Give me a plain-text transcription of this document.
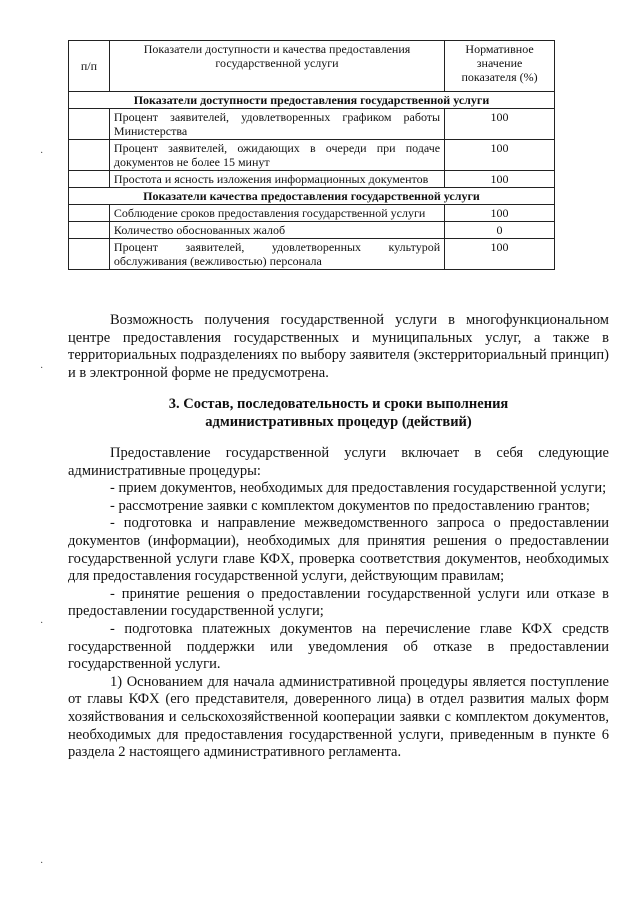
п/п	Показатели доступности и качества предоставления государственной услуги	Нормативное значение показателя (%)
Показатели доступности предоставления государственной услуги		
	Процент заявителей, удовлетворенных графиком работы Министерства	100
	Процент заявителей, ожидающих в очереди при подаче документов не более 15 минут	100
	Простота и ясность изложения информационных документов	100
Показатели качества предоставления государственной услуги		
	Соблюдение сроков предоставления государственной услуги	100
	Количество обоснованных жалоб	0
	Процент заявителей, удовлетворенных культурой обслуживания (вежливостью) персонала	100

Возможность получения государственной услуги в многофункциональном центре предоставления государственных и муниципальных услуг, а также в территориальных подразделениях по выбору заявителя (экстерриториальный принцип) и в электронной форме не предусмотрена.

3. Состав, последовательность и сроки выполнения
административных процедур (действий)

Предоставление государственной услуги включает в себя следующие административные процедуры:

- прием документов, необходимых для предоставления государственной услуги;

- рассмотрение заявки с комплектом документов по предоставлению грантов;

- подготовка и направление межведомственного запроса о предоставлении документов (информации), необходимых для принятия решения о предоставлении государственной услуги главе КФХ, проверка соответствия документов, необходимых для предоставления государственной услуги, действующим правилам;

- принятие решения о предоставлении государственной услуги или отказе в предоставлении государственной услуги;

- подготовка платежных документов на перечисление главе КФХ средств государственной поддержки или уведомления об отказе в предоставлении государственной услуги.

1) Основанием для начала административной процедуры является поступление от главы КФХ (его представителя, доверенного лица) в отдел развития малых форм хозяйствования и сельскохозяйственной кооперации заявки с комплектом документов, необходимых для предоставления государственной услуги, приведенным в пункте 6 раздела 2 настоящего административного регламента.

·
·
·
·
